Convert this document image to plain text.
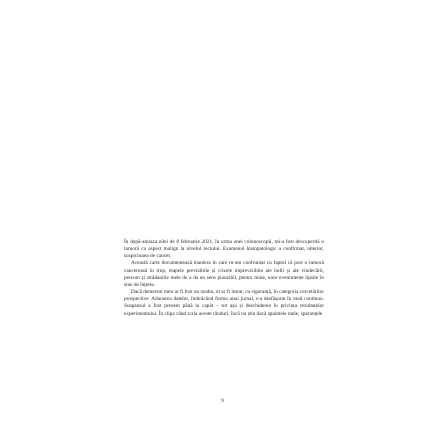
În după-amiaza zilei de 8 februarie 2021, în urma unei colonoscopii, mi-a fost descoperită o tumoră cu aspect malign la nivelul rectului. Examenul histopatologic a confirmat, ulterior, suspiciunea de cancer.

Această carte documentează maniera în care m-am confruntat cu faptul că port o tumoră canceroasă în trup, etapele previzibile și crizele imprevizibile ale bolii și ale vindecării, precum și strădaniile mele de a da un sens plauzibil, pentru mine, unor evenimente lipsite în sine de înțeles.

Dacă demersul meu ar fi fost un studiu, el ar fi intrat, cu siguranță, în categoria cercetărilor prospective. Adunarea datelor, îmbrăcând forma unui jurnal, s-a desfășurat în mod continuu. Suspansul a fost prezent până la capăt – tot așa și deschiderea în privința rezultatelor experimentului. În clipa când scria aceste rânduri, încă nu știu dacă spaimele mele, speranțele

9
